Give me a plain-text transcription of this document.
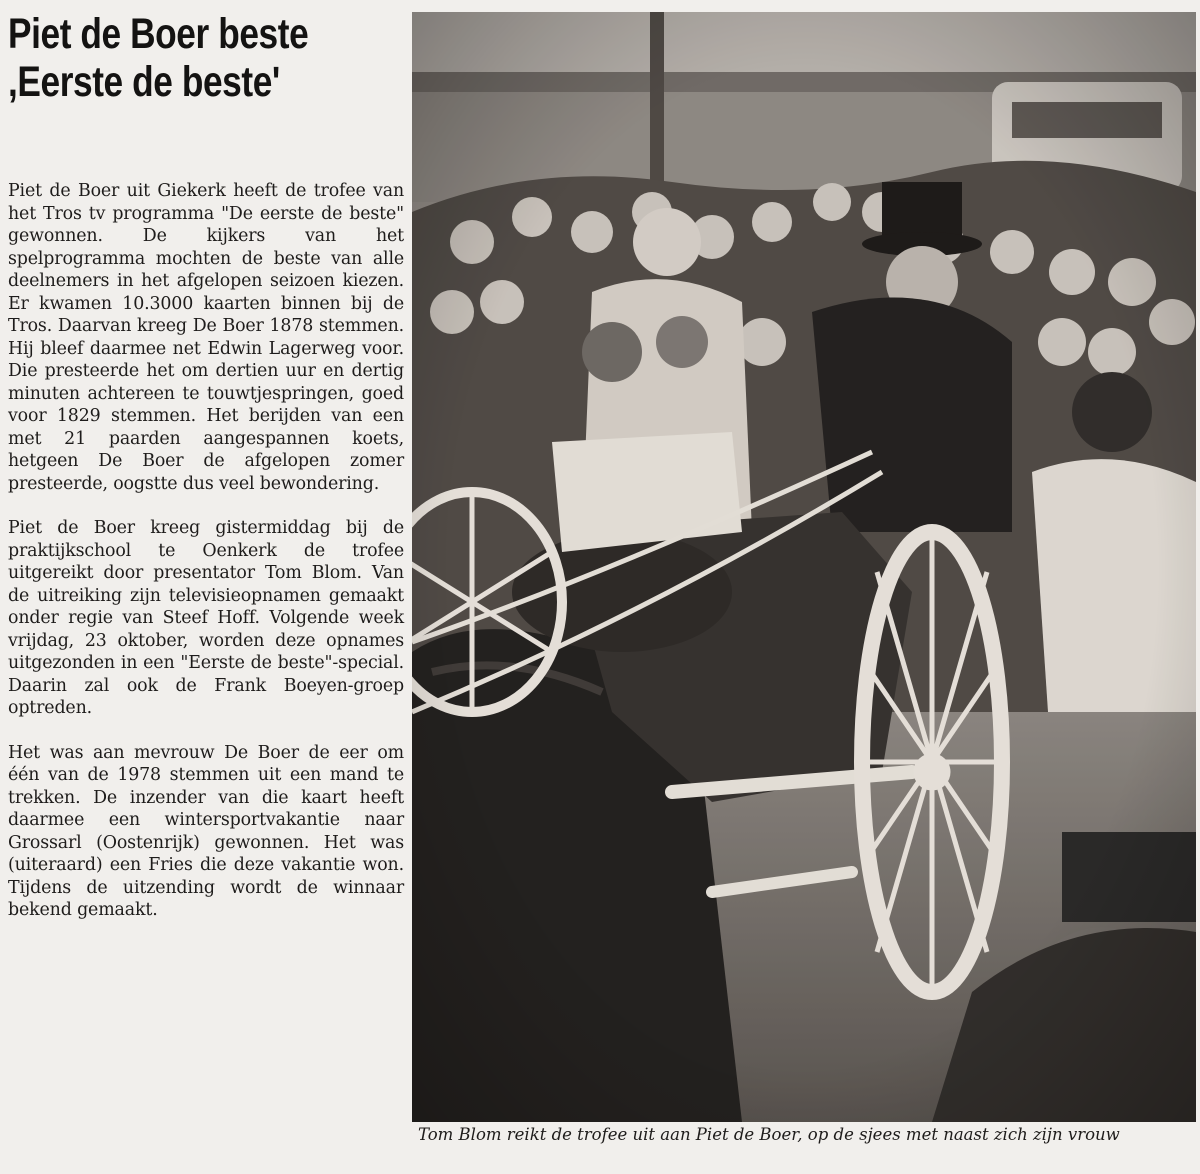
Piet de Boer beste
,Eerste de beste'

Piet de Boer uit Giekerk heeft de trofee van het Tros tv programma "De eerste de beste" gewonnen. De kijkers van het spelprogramma mochten de beste van alle deelnemers in het afgelopen seizoen kiezen. Er kwamen 10.3000 kaarten binnen bij de Tros. Daarvan kreeg De Boer 1878 stemmen. Hij bleef daarmee net Edwin Lagerweg voor. Die presteerde het om dertien uur en dertig minuten achtereen te touwtjespringen, goed voor 1829 stemmen. Het berijden van een met 21 paarden aangespannen koets, hetgeen De Boer de afgelopen zomer presteerde, oogstte dus veel bewondering.

Piet de Boer kreeg gistermiddag bij de praktijkschool te Oenkerk de trofee uitgereikt door presentator Tom Blom. Van de uitreiking zijn televisieopnamen gemaakt onder regie van Steef Hoff. Volgende week vrijdag, 23 oktober, worden deze opnames uitgezonden in een "Eerste de beste"-special. Daarin zal ook de Frank Boeyen-groep optreden.

Het was aan mevrouw De Boer de eer om één van de 1978 stemmen uit een mand te trekken. De inzender van die kaart heeft daarmee een wintersportvakantie naar Grossarl (Oostenrijk) gewonnen. Het was (uiteraard) een Fries die deze vakantie won. Tijdens de uitzending wordt de winnaar bekend gemaakt.

Tom Blom reikt de trofee uit aan Piet de Boer, op de sjees met naast zich zijn vrouw
